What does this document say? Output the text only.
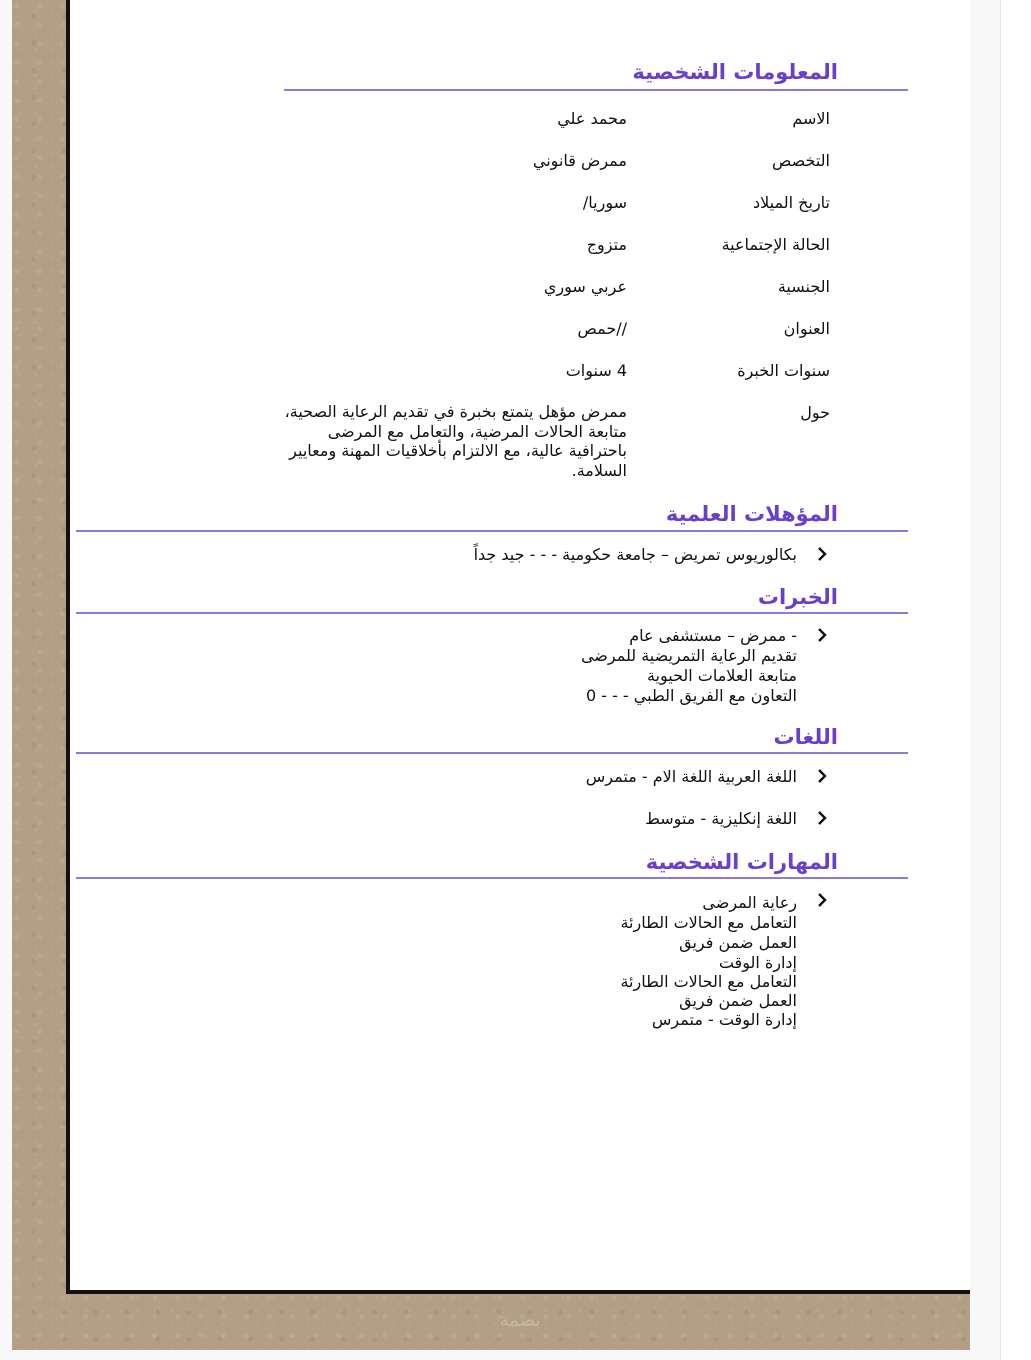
المعلومات الشخصية
الاسم
محمد علي
التخصص
ممرض قانوني
تاريخ الميلاد
سوريا/
الحالة الإجتماعية
متزوج
الجنسية
عربي سوري
العنوان
//حمص
سنوات الخبرة
4 سنوات
حول
ممرض مؤهل يتمتع بخبرة في تقديم الرعاية الصحية، متابعة الحالات المرضية، والتعامل مع المرضى باحترافية عالية، مع الالتزام بأخلاقيات المهنة ومعايير السلامة.
المؤهلات العلمية
بكالوريوس تمريض – جامعة حكومية - - - جيد جداً
الخبرات
- ممرض – مستشفى عام
تقديم الرعاية التمريضية للمرضى
متابعة العلامات الحيوية
التعاون مع الفريق الطبي - - - 0
اللغات
اللغة العربية اللغة الام - متمرس
اللغة إنكليزية - متوسط
المهارات الشخصية
رعاية المرضى
التعامل مع الحالات الطارئة
العمل ضمن فريق
إدارة الوقت
التعامل مع الحالات الطارئة
العمل ضمن فريق
إدارة الوقت - متمرس
بصمة
